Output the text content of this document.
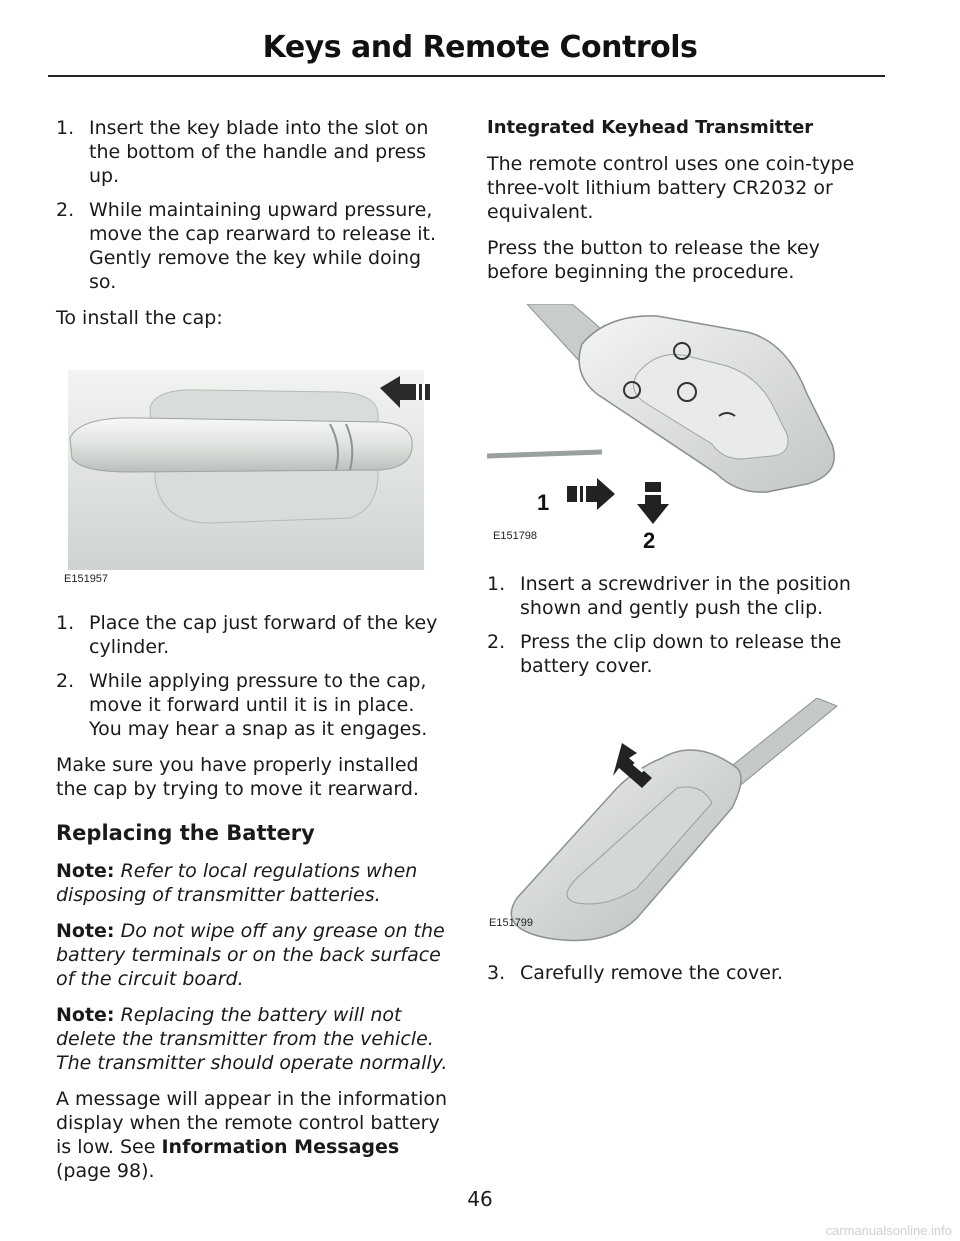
Keys and Remote Controls
1. Insert the key blade into the slot on the bottom of the handle and press up.
2. While maintaining upward pressure, move the cap rearward to release it. Gently remove the key while doing so.

To install the cap:

E151957
1. Place the cap just forward of the key cylinder.
2. While applying pressure to the cap, move it forward until it is in place. You may hear a snap as it engages.

Make sure you have properly installed the cap by trying to move it rearward.

Replacing the Battery
Note: Refer to local regulations when disposing of transmitter batteries.
Note: Do not wipe off any grease on the battery terminals or on the back surface of the circuit board.
Note: Replacing the battery will not delete the transmitter from the vehicle. The transmitter should operate normally.

A message will appear in the information display when the remote control battery is low. See Information Messages (page 98).

Integrated Keyhead Transmitter

The remote control uses one coin-type three-volt lithium battery CR2032 or equivalent.

Press the button to release the key before beginning the procedure.

1
2
E151798
1. Insert a screwdriver in the position shown and gently push the clip.
2. Press the clip down to release the battery cover.
E151799
3. Carefully remove the cover.
46
carmanualsonline.info
